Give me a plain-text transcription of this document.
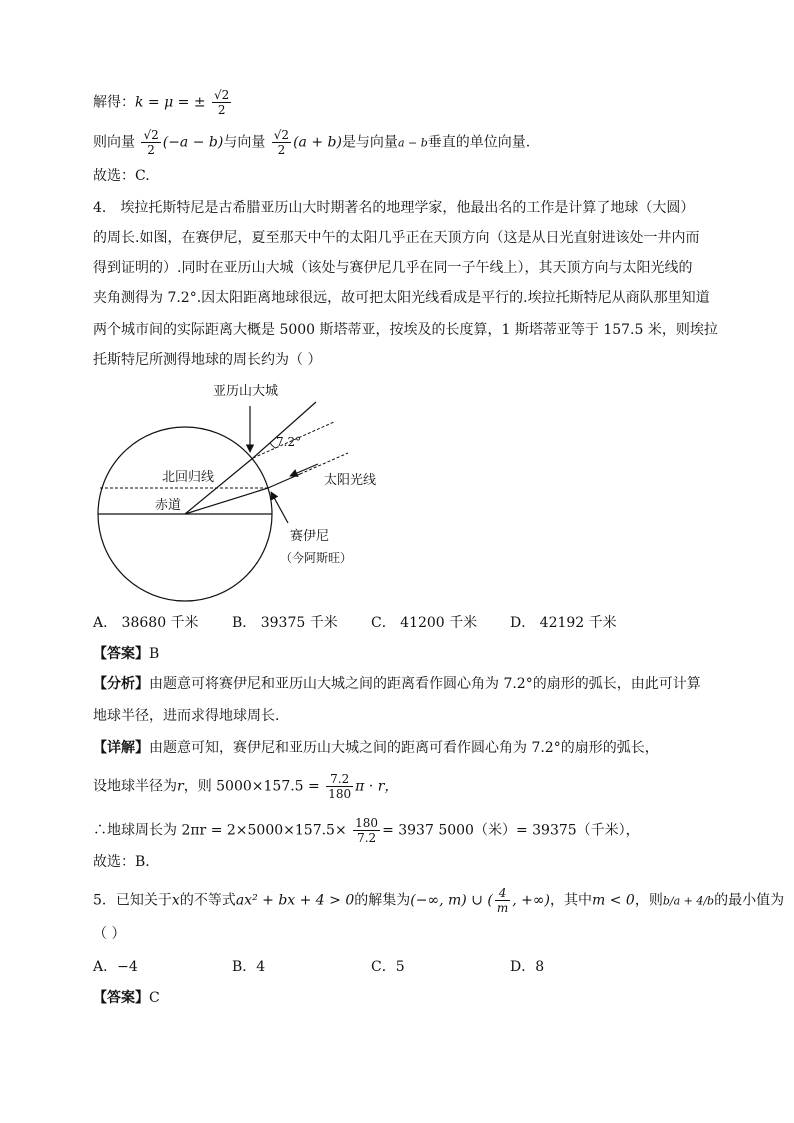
解得：k = μ = ± $\frac{√2}{2}$
则向量 $\frac{√2}{2} (-a - b)$与向量 $\frac{√2}{2} (a + b)$是与向量a − b垂直的单位向量.
故选：C.
4． 埃拉托斯特尼是古希腊亚历山大时期著名的地理学家，他最出名的工作是计算了地球（大圆）
的周长.如图，在赛伊尼，夏至那天中午的太阳几乎正在天顶方向（这是从日光直射进该处一井内而
得到证明的）.同时在亚历山大城（该处与赛伊尼几乎在同一子午线上），其天顶方向与太阳光线的
夹角测得为 7.2°.因太阳距离地球很远，故可把太阳光线看成是平行的.埃拉托斯特尼从商队那里知道
两个城市间的实际距离大概是 5000 斯塔蒂亚，按埃及的长度算，1 斯塔蒂亚等于 157.5 米，则埃拉
托斯特尼所测得地球的周长约为（ ）
亚历山大城
7.2°
北回归线	太阳光线
赤道
赛伊尼
（今阿斯旺）
A． 38680 千米 B． 39375 千米 C． 41200 千米 D． 42192 千米
【答案】B
【分析】由题意可将赛伊尼和亚历山大城之间的距离看作圆心角为 7.2°的扇形的弧长，由此可计算
地球半径，进而求得地球周长.
【详解】由题意可知，赛伊尼和亚历山大城之间的距离可看作圆心角为 7.2°的扇形的弧长，
设地球半径为r，则 $5000\times 157.5 = \frac{7.2}{180}$ π · r，
∴地球周长为 $2\pi r = 2\times 5000\times 157.5\times \frac{180}{7.2} = 3937$ 5000（米）= 39375（千米），
故选：B.
5．已知关于x的不等式ax² + bx + 4 > 0的解集为(−∞, m) ∪ ( $\frac{4}{m}$ , +∞)，其中m < 0，则b/a + 4/b的最小值为
（ ）
A．−4	B．4	C．5	D．8
【答案】C
